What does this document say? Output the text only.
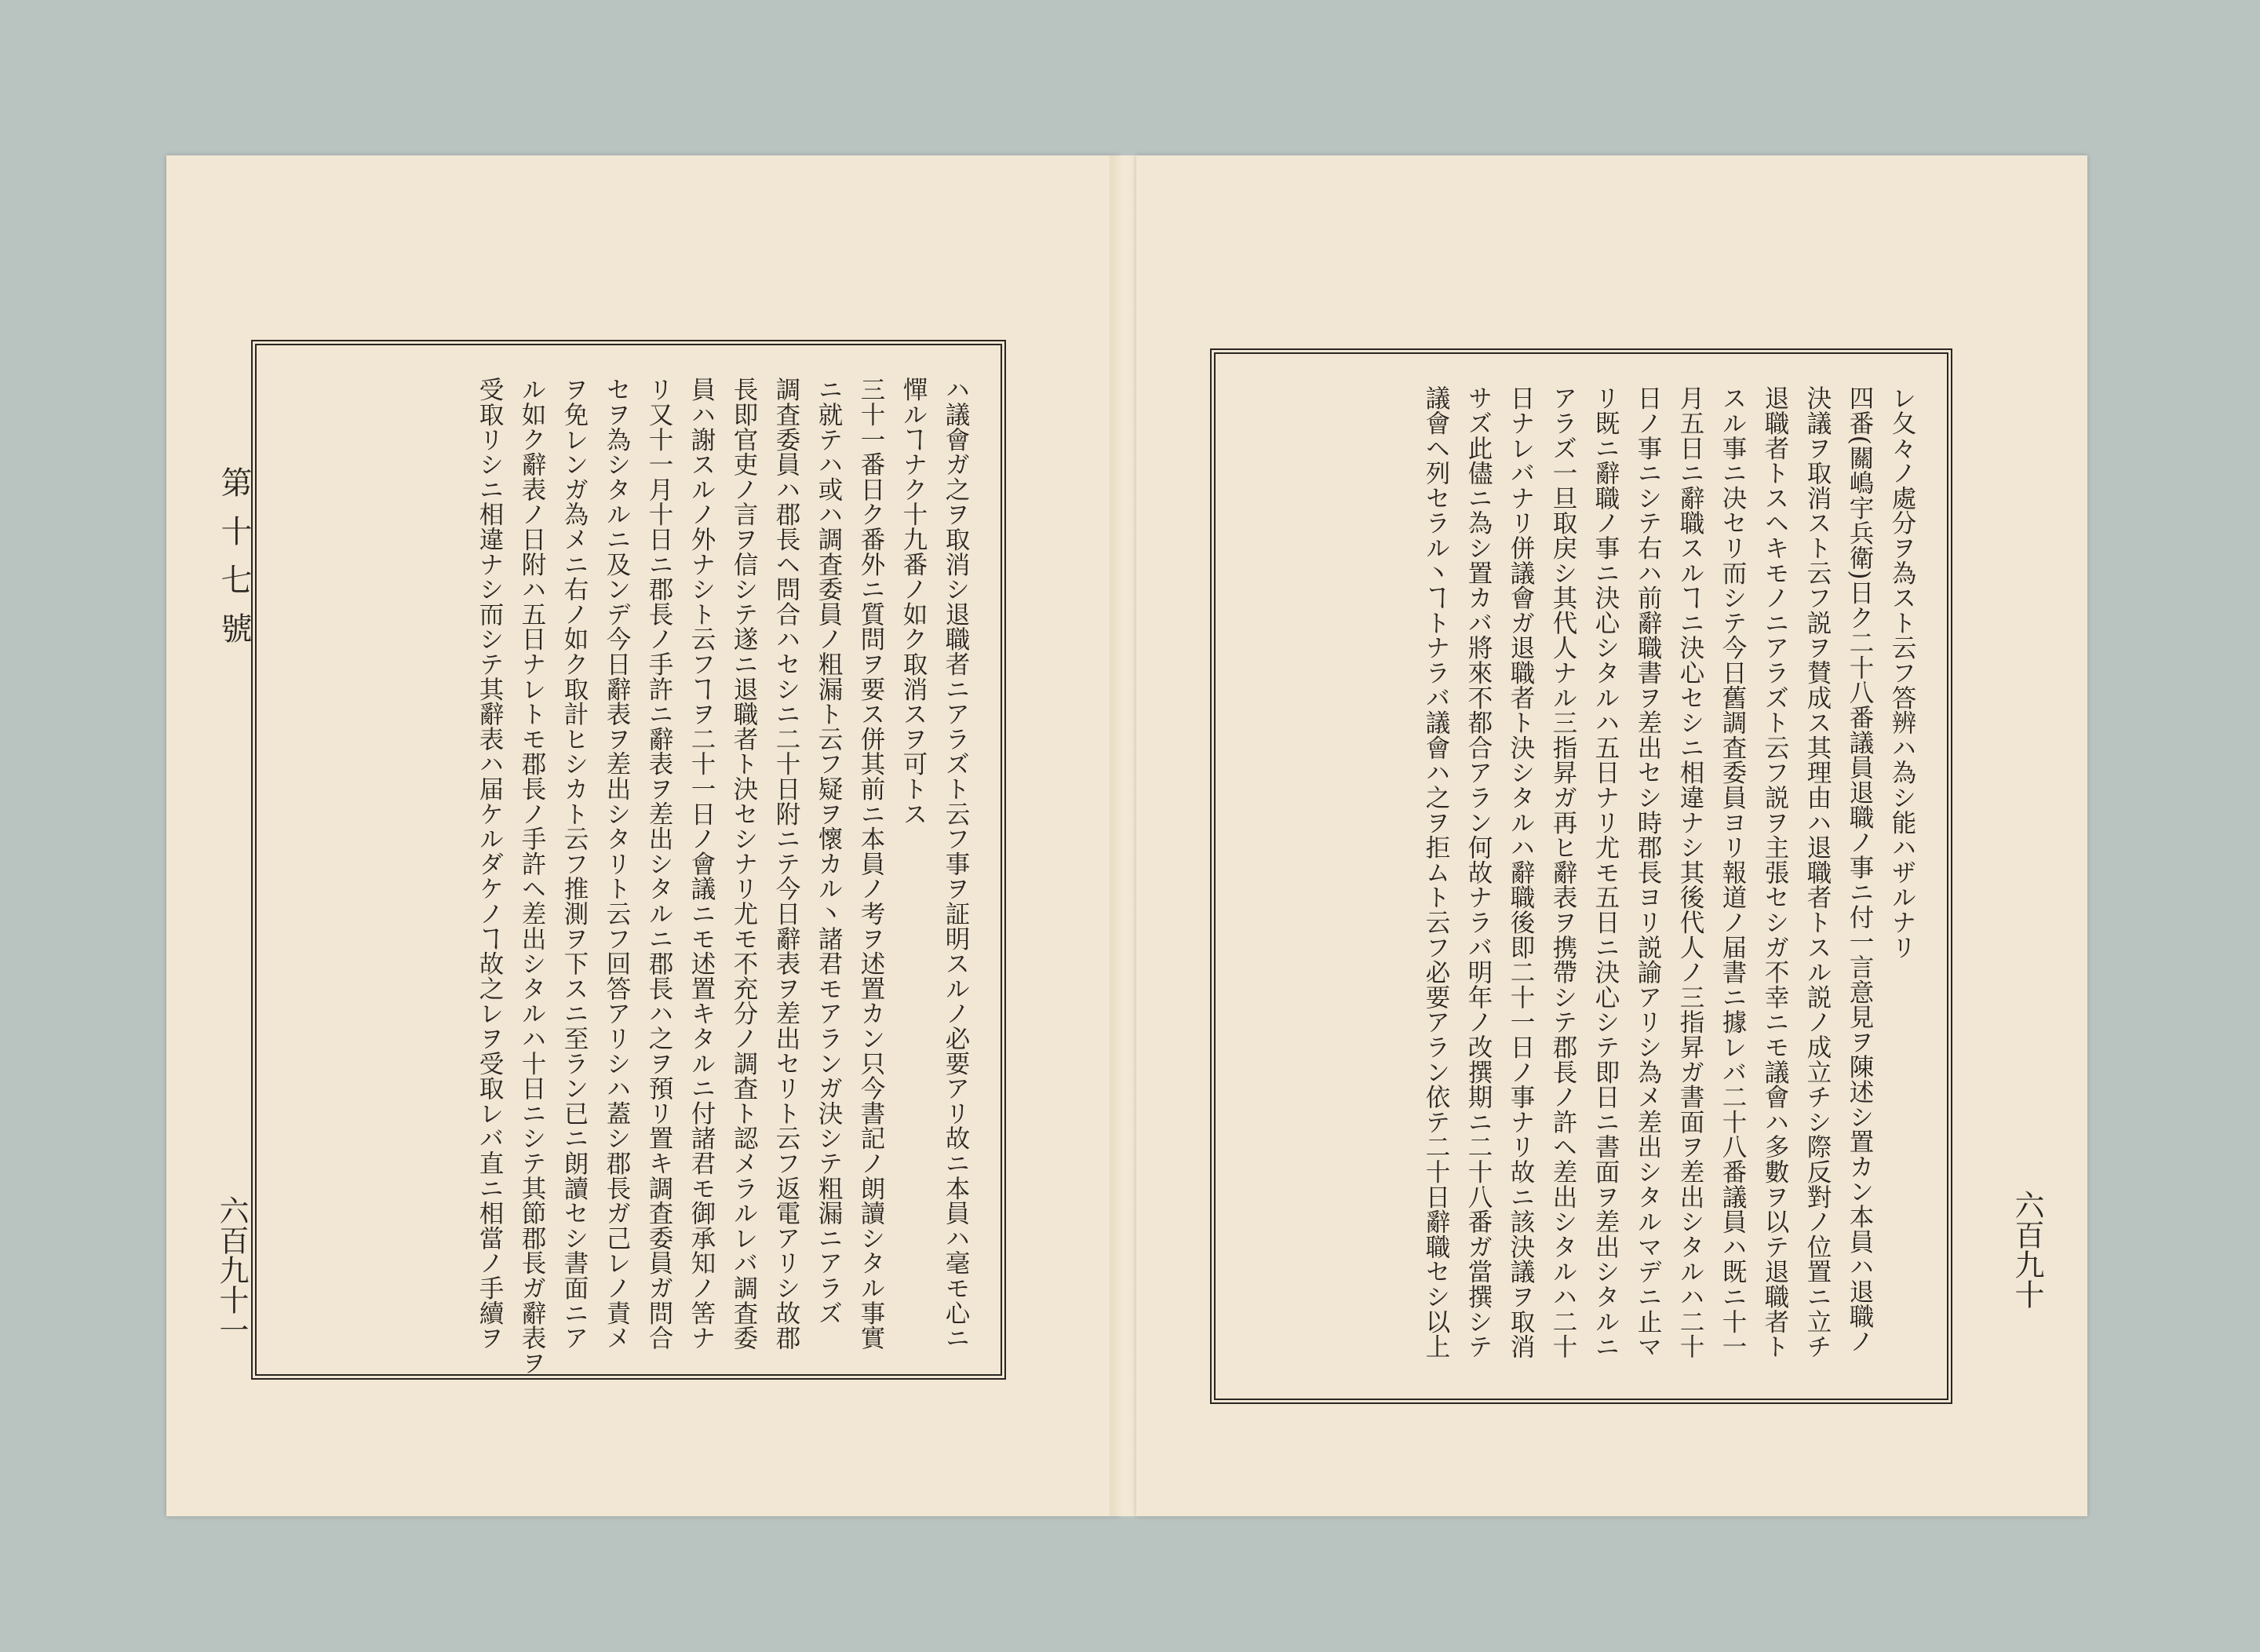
第十七號
六百九十一	ハ議會ガ之ヲ取消シ退職者ニアラズト云フ事ヲ証明スルノ必要アリ故ニ本員ハ毫モ心ニ
憚ルヿナク十九番ノ如ク取消スヲ可トス
三十一番日ク番外ニ質問ヲ要ス併其前ニ本員ノ考ヲ述置カン只今書記ノ朗讀シタル事實
ニ就テハ或ハ調査委員ノ粗漏ト云フ疑ヲ懷カル丶諸君モアランガ決シテ粗漏ニアラズ
調査委員ハ郡長ヘ問合ハセシニ二十日附ニテ今日辭表ヲ差出セリト云フ返電アリシ故郡
長即官吏ノ言ヲ信シテ遂ニ退職者ト決セシナリ尤モ不充分ノ調査ト認メラルレバ調査委
員ハ謝スルノ外ナシト云フヿヲ二十一日ノ會議ニモ述置キタルニ付諸君モ御承知ノ筈ナ
リ又十一月十日ニ郡長ノ手許ニ辭表ヲ差出シタルニ郡長ハ之ヲ預リ置キ調査委員ガ問合
セヲ為シタルニ及ンデ今日辭表ヲ差出シタリト云フ回答アリシハ蓋シ郡長ガ己レノ責メ
ヲ免レンガ為メニ右ノ如ク取計ヒシカト云フ推測ヲ下スニ至ラン已ニ朗讀セシ書面ニア
ル如ク辭表ノ日附ハ五日ナレトモ郡長ノ手許ヘ差出シタルハ十日ニシテ其節郡長ガ辭表ヲ
受取リシニ相違ナシ而シテ其辭表ハ届ケルダケノヿ故之レヲ受取レバ直ニ相當ノ手續ヲ	六百九十
レ夂々ノ處分ヲ為スト云フ答辨ハ為シ能ハザルナリ
四番(關嶋宇兵衛)日ク二十八番議員退職ノ事ニ付一言意見ヲ陳述シ置カン本員ハ退職ノ
決議ヲ取消スト云フ説ヲ賛成ス其理由ハ退職者トスル説ノ成立チシ際反對ノ位置ニ立チ
退職者トスヘキモノニアラズト云フ説ヲ主張セシガ不幸ニモ議會ハ多數ヲ以テ退職者ト
スル事ニ决セリ而シテ今日舊調査委員ヨリ報道ノ届書ニ據レバ二十八番議員ハ既ニ十一
月五日ニ辭職スルヿニ決心セシニ相違ナシ其後代人ノ三指昇ガ書面ヲ差出シタルハ二十
日ノ事ニシテ右ハ前辭職書ヲ差出セシ時郡長ヨリ説諭アリシ為メ差出シタルマデニ止マ
リ既ニ辭職ノ事ニ決心シタルハ五日ナリ尤モ五日ニ決心シテ即日ニ書面ヲ差出シタルニ
アラズ一旦取戻シ其代人ナル三指昇ガ再ヒ辭表ヲ携帶シテ郡長ノ許ヘ差出シタルハ二十
日ナレバナリ併議會ガ退職者ト決シタルハ辭職後即二十一日ノ事ナリ故ニ該決議ヲ取消
サズ此儘ニ為シ置カバ將來不都合アラン何故ナラバ明年ノ改撰期ニ二十八番ガ當撰シテ
議會ヘ列セラル丶ヿトナラバ議會ハ之ヲ拒ムト云フ必要アラン依テ二十日辭職セシ以上
